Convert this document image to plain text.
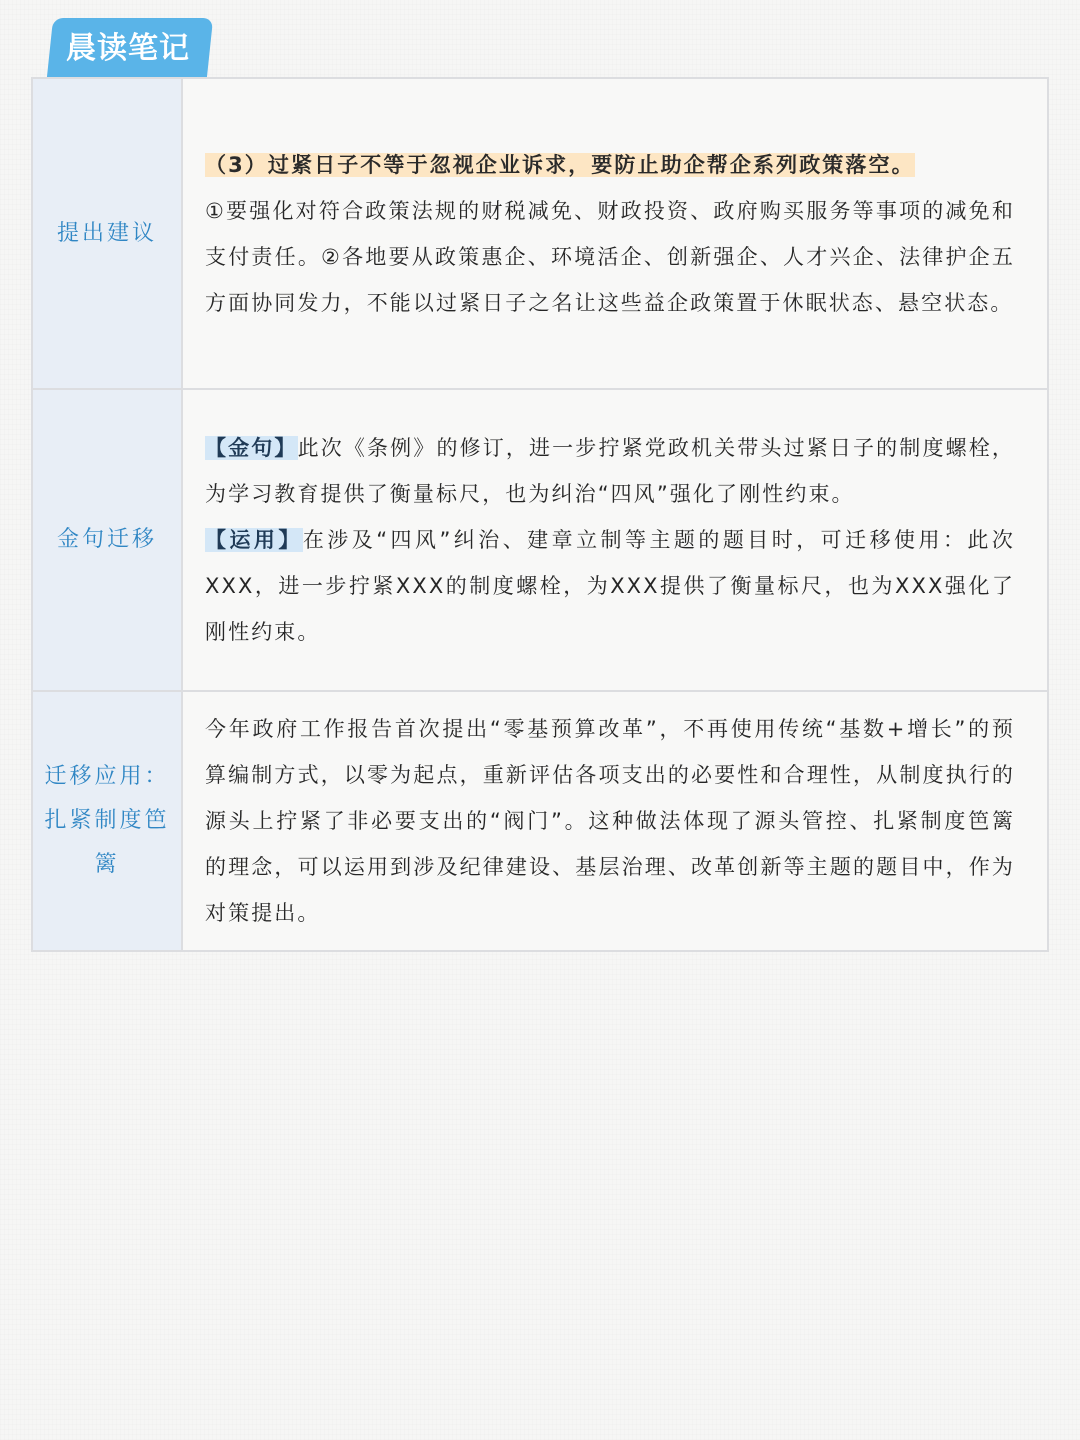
晨读笔记
提出建议	（3）过紧日子不等于忽视企业诉求，要防止助企帮企系列政策落空。

①要强化对符合政策法规的财税减免、财政投资、政府购买服务等事项的减免和支付责任。②各地要从政策惠企、环境活企、创新强企、人才兴企、法律护企五方面协同发力，不能以过紧日子之名让这些益企政策置于休眠状态、悬空状态。

金句迁移	【金句】此次《条例》的修订，进一步拧紧党政机关带头过紧日子的制度螺栓，为学习教育提供了衡量标尺，也为纠治“四风”强化了刚性约束。

【运用】在涉及“四风”纠治、建章立制等主题的题目时，可迁移使用：此次XXX，进一步拧紧XXX的制度螺栓，为XXX提供了衡量标尺，也为XXX强化了刚性约束。

迁移应用：扎紧制度笆篱	今年政府工作报告首次提出“零基预算改革”，不再使用传统“基数+增长”的预算编制方式，以零为起点，重新评估各项支出的必要性和合理性，从制度执行的源头上拧紧了非必要支出的“阀门”。这种做法体现了源头管控、扎紧制度笆篱的理念，可以运用到涉及纪律建设、基层治理、改革创新等主题的题目中，作为对策提出。
